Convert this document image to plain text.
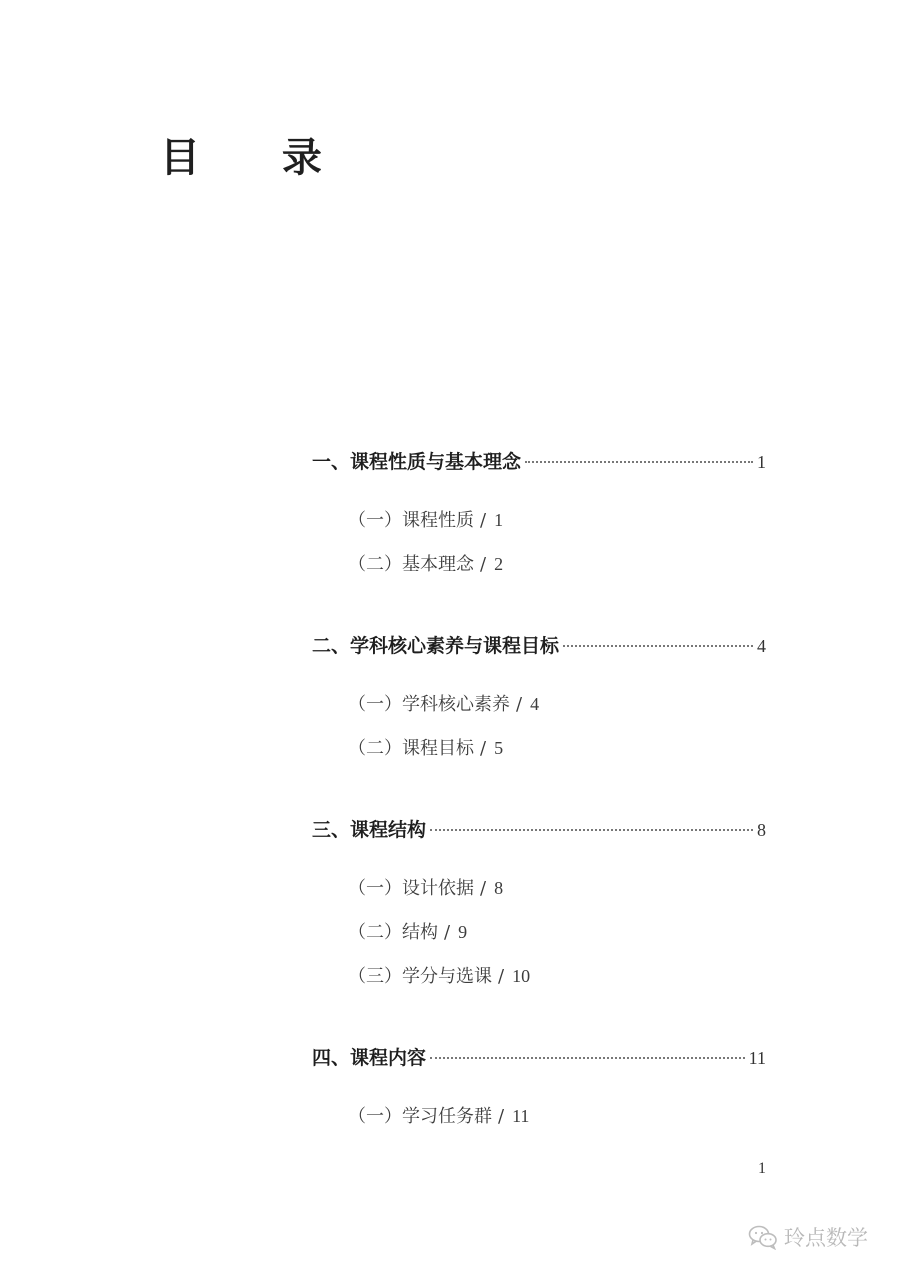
目 录
一、课程性质与基本理念	1
（一）课程性质 / 1
（二）基本理念 / 2
二、学科核心素养与课程目标	4
（一）学科核心素养 / 4
（二）课程目标 / 5
三、课程结构	8
（一）设计依据 / 8
（二）结构 / 9
（三）学分与选课 / 10
四、课程内容	11
（一）学习任务群 / 11
1
玲点数学
